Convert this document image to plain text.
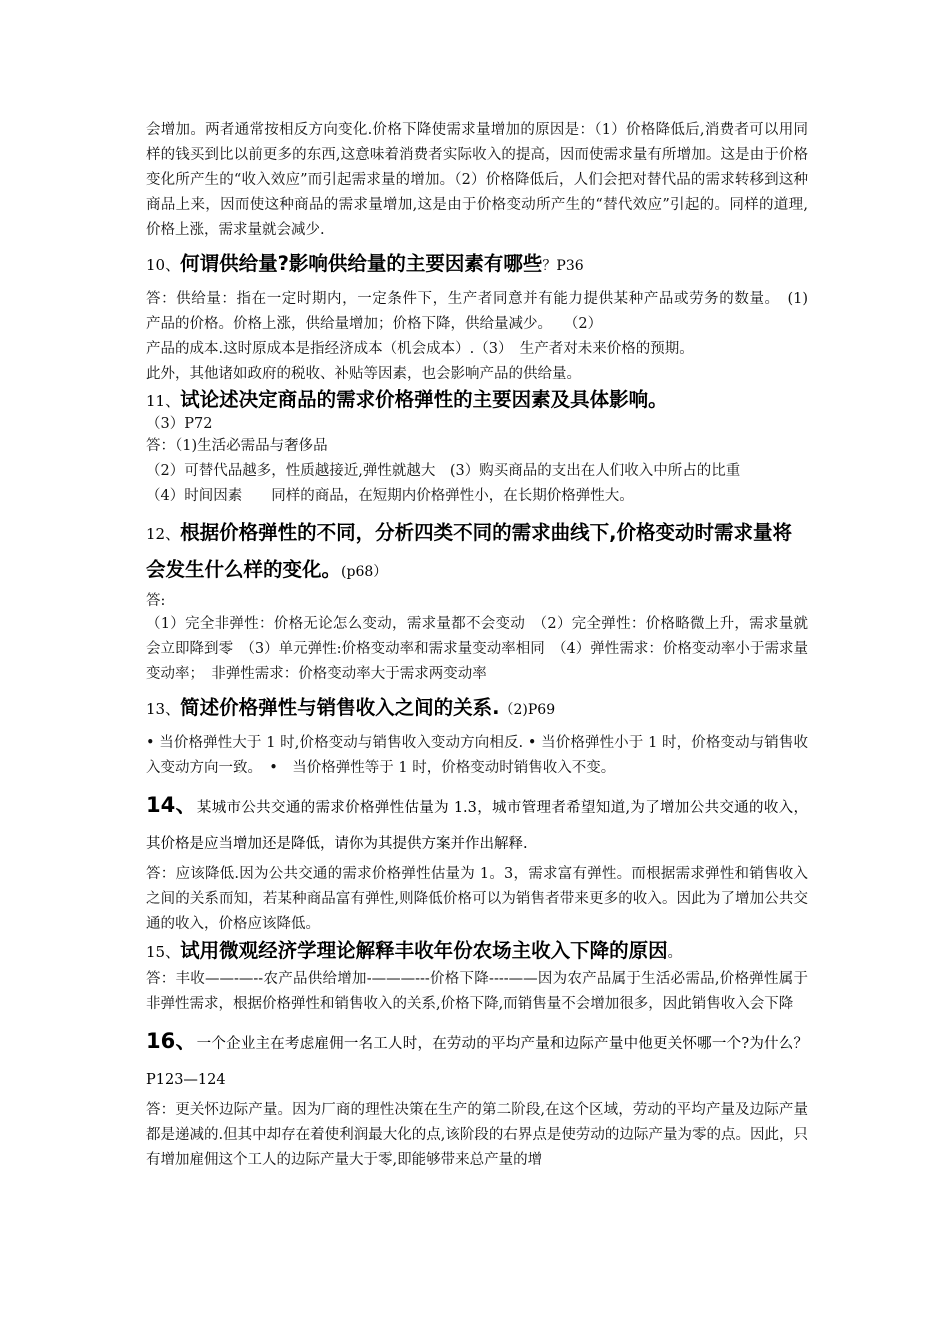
会增加。两者通常按相反方向变化.价格下降使需求量增加的原因是：（1）价格降低后,消费者可以用同样的钱买到比以前更多的东西,这意味着消费者实际收入的提高，因而使需求量有所增加。这是由于价格变化所产生的“收入效应”而引起需求量的增加。（2）价格降低后，人们会把对替代品的需求转移到这种商品上来，因而使这种商品的需求量增加,这是由于价格变动所产生的“替代效应”引起的。同样的道理,价格上涨，需求量就会减少.

10、何谓供给量?影响供给量的主要因素有哪些？P36

答：供给量：指在一定时期内，一定条件下，生产者同意并有能力提供某种产品或劳务的数量。　(1)　 产品的价格。价格上涨，供给量增加；价格下降，供给量减少。　 （2）

产品的成本.这时原成本是指经济成本（机会成本）.（3）　生产者对未来价格的预期。

此外，其他诸如政府的税收、补贴等因素，也会影响产品的供给量。

11、试论述决定商品的需求价格弹性的主要因素及具体影响。

（3）P72

答：（1)生活必需品与奢侈品

（2）可替代品越多，性质越接近,弹性就越大　(3）购买商品的支出在人们收入中所占的比重

（4）时间因素　　同样的商品，在短期内价格弹性小，在长期价格弹性大。

12、根据价格弹性的不同，分析四类不同的需求曲线下,价格变动时需求量将会发生什么样的变化。(p68）

答:

（1）完全非弹性：价格无论怎么变动，需求量都不会变动　（2）完全弹性：价格略微上升，需求量就会立即降到零　（3）单元弹性:价格变动率和需求量变动率相同　（4）弹性需求：价格变动率小于需求量变动率；　非弹性需求：价格变动率大于需求两变动率

13、简述价格弹性与销售收入之间的关系.（2)P69

• 当价格弹性大于 1 时,价格变动与销售收入变动方向相反. • 当价格弹性小于 1 时，价格变动与销售收入变动方向一致。　•　当价格弹性等于 1 时，价格变动时销售收入不变。

14、某城市公共交通的需求价格弹性估量为 1.3，城市管理者希望知道,为了增加公共交通的收入，其价格是应当增加还是降低，请你为其提供方案并作出解释.

答：应该降低.因为公共交通的需求价格弹性估量为 1。3，需求富有弹性。而根据需求弹性和销售收入之间的关系而知，若某种商品富有弹性,则降低价格可以为销售者带来更多的收入。因此为了增加公共交通的收入，价格应该降低。

15、试用微观经济学理论解释丰收年份农场主收入下降的原因。

答：丰收——-—--农产品供给增加-———---价格下降----——因为农产品属于生活必需品,价格弹性属于非弹性需求，根据价格弹性和销售收入的关系,价格下降,而销售量不会增加很多，因此销售收入会下降

16、一个企业主在考虑雇佣一名工人时，在劳动的平均产量和边际产量中他更关怀哪一个?为什么？P123—124

答：更关怀边际产量。因为厂商的理性决策在生产的第二阶段,在这个区域，劳动的平均产量及边际产量都是递减的.但其中却存在着使利润最大化的点,该阶段的右界点是使劳动的边际产量为零的点。因此，只有增加雇佣这个工人的边际产量大于零,即能够带来总产量的增
